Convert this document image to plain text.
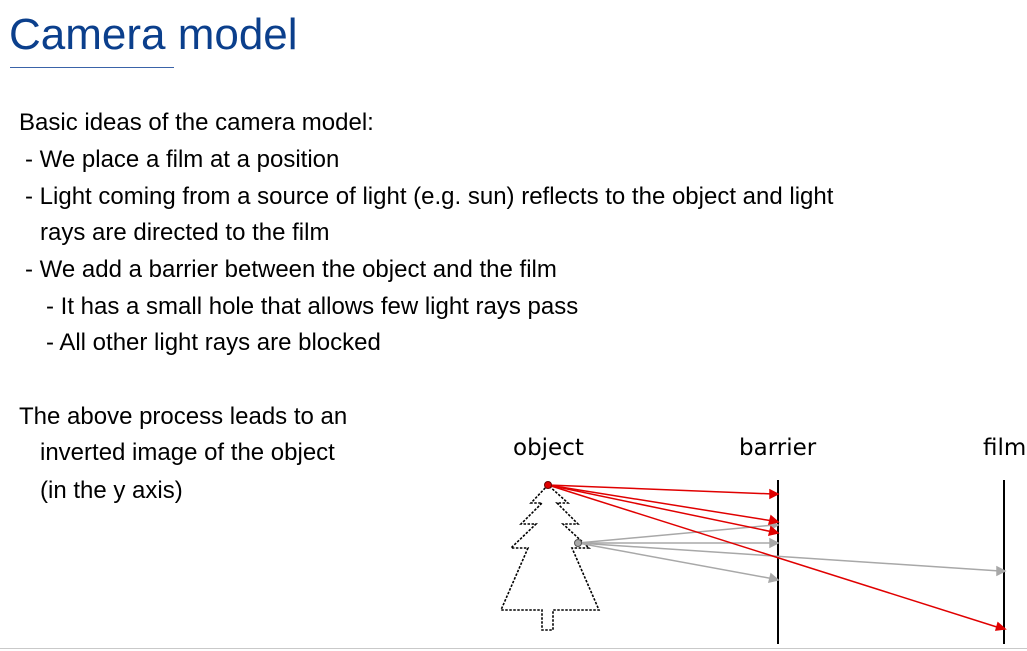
Camera model
Basic ideas of the camera model:
- We place a film at a position
- Light coming from a source of light (e.g. sun) reflects to the object and light
rays are directed to the film
- We add a barrier between the object and the film
- It has a small hole that allows few light rays pass
- All other light rays are blocked
The above process leads to an
inverted image of the object
(in the y axis)
object	barrier	film
